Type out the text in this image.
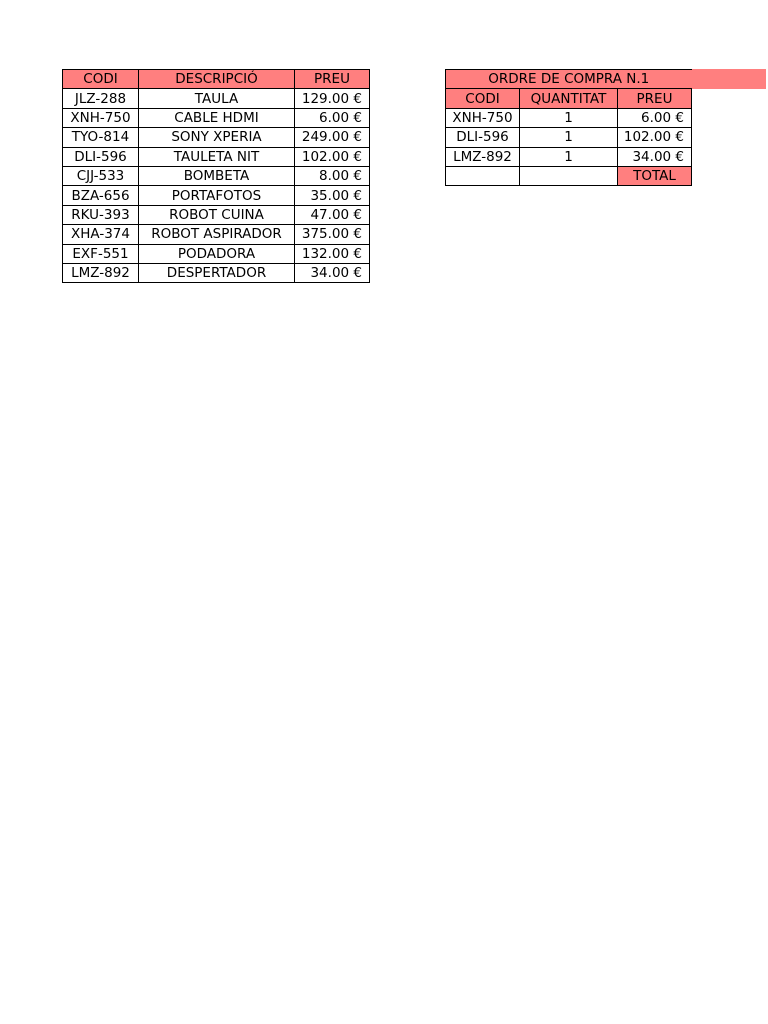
CODI	DESCRIPCIÓ	PREU
JLZ-288	TAULA	129.00 €
XNH-750	CABLE HDMI	6.00 €
TYO-814	SONY XPERIA	249.00 €
DLI-596	TAULETA NIT	102.00 €
CJJ-533	BOMBETA	8.00 €
BZA-656	PORTAFOTOS	35.00 €
RKU-393	ROBOT CUINA	47.00 €
XHA-374	ROBOT ASPIRADOR	375.00 €
EXF-551	PODADORA	132.00 €
LMZ-892	DESPERTADOR	34.00 €
ORDRE DE COMPRA N.1		
CODI	QUANTITAT	PREU
XNH-750	1	6.00 €
DLI-596	1	102.00 €
LMZ-892	1	34.00 €
		TOTAL
